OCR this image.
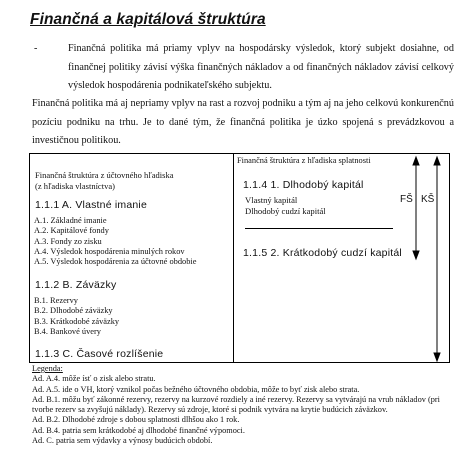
Finančná a kapitálová štruktúra
-	Finančná politika má priamy vplyv na hospodársky výsledok, ktorý subjekt dosiahne, od finančnej politiky závisí výška finančných nákladov a od finančných nákladov závisí celkový výsledok hospodárenia podnikateľského subjektu.
Finančná politika má aj nepriamy vplyv na rast a rozvoj podniku a tým aj na jeho celkovú konkurenčnú pozíciu podniku na trhu. Je to dané tým, že finančná politika je úzko spojená s prevádzkovou a investičnou politikou.
Finančná štruktúra z účtovného hľadiska
(z hľadiska vlastníctva)
1.1.1 A. Vlastné imanie
A.1. Základné imanie
A.2. Kapitálové fondy
A.3. Fondy zo zisku
A.4. Výsledok hospodárenia minulých rokov
A.5. Výsledok hospodárenia za účtovné obdobie
1.1.2 B. Záväzky
B.1. Rezervy
B.2. Dlhodobé záväzky
B.3. Krátkodobé záväzky
B.4. Bankové úvery
1.1.3 C. Časové rozlíšenie
Finančná štruktúra z hľadiska splatnosti
1.1.4 1. Dlhodobý kapitál
Vlastný kapitál
Dlhodobý cudzí kapitál
1.1.5 2. Krátkodobý cudzí kapitál
FŠ KŠ
Legenda:
Ad. A.4. môže ísť o zisk alebo stratu.
Ad. A.5. ide o VH, ktorý vznikol počas bežného účtovného obdobia, môže to byť zisk alebo strata.
Ad. B.1. môžu byť zákonné rezervy, rezervy na kurzové rozdiely a iné rezervy. Rezervy sa vytvárajú na vrub nákladov (pri tvorbe rezerv sa zvyšujú náklady). Rezervy sú zdroje, ktoré si podnik vytvára na krytie budúcich záväzkov.
Ad. B.2. Dlhodobé zdroje s dobou splatnosti dlhšou ako 1 rok.
Ad. B.4. patria sem krátkodobé aj dlhodobé finančné výpomoci.
Ad. C. patria sem výdavky a výnosy budúcich období.
